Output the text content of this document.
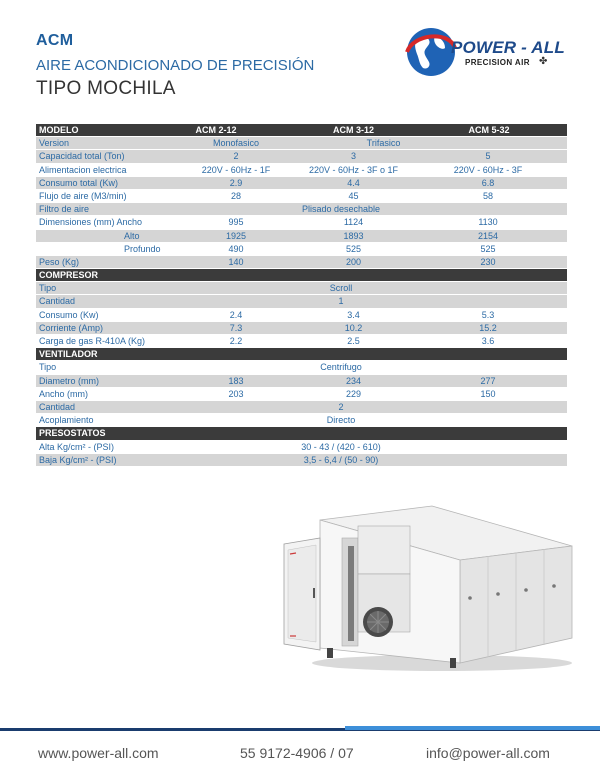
ACM
AIRE ACONDICIONADO DE PRECISIÓN
TIPO MOCHILA
POWER - ALL
PRECISION AIR ✤
MODELO	ACM 2-12	ACM 3-12	ACM 5-32
Version	Monofasico	Trifasico
Capacidad total (Ton)	2	3	5
Alimentacion electrica	220V - 60Hz - 1F	220V - 60Hz - 3F o 1F	220V - 60Hz - 3F
Consumo total (Kw)	2.9	4.4	6.8
Flujo de aire (M3/min)	28	45	58
Filtro de aire	Plisado desechable
Dimensiones (mm) Ancho	995	1124	1130
Alto	1925	1893	2154
Profundo	490	525	525
Peso (Kg)	140	200	230
COMPRESOR
Tipo	Scroll
Cantidad	1
Consumo (Kw)	2.4	3.4	5.3
Corriente (Amp)	7.3	10.2	15.2
Carga de gas R-410A (Kg)	2.2	2.5	3.6
VENTILADOR
Tipo	Centrifugo
Diametro (mm)	183	234	277
Ancho (mm)	203	229	150
Cantidad	2
Acoplamiento	Directo
PRESOSTATOS
Alta Kg/cm² - (PSI)	30 - 43 / (420 - 610)
Baja Kg/cm² - (PSI)	3,5 - 6,4 / (50 - 90)
www.power-all.com	55 9172-4906 / 07	info@power-all.com
